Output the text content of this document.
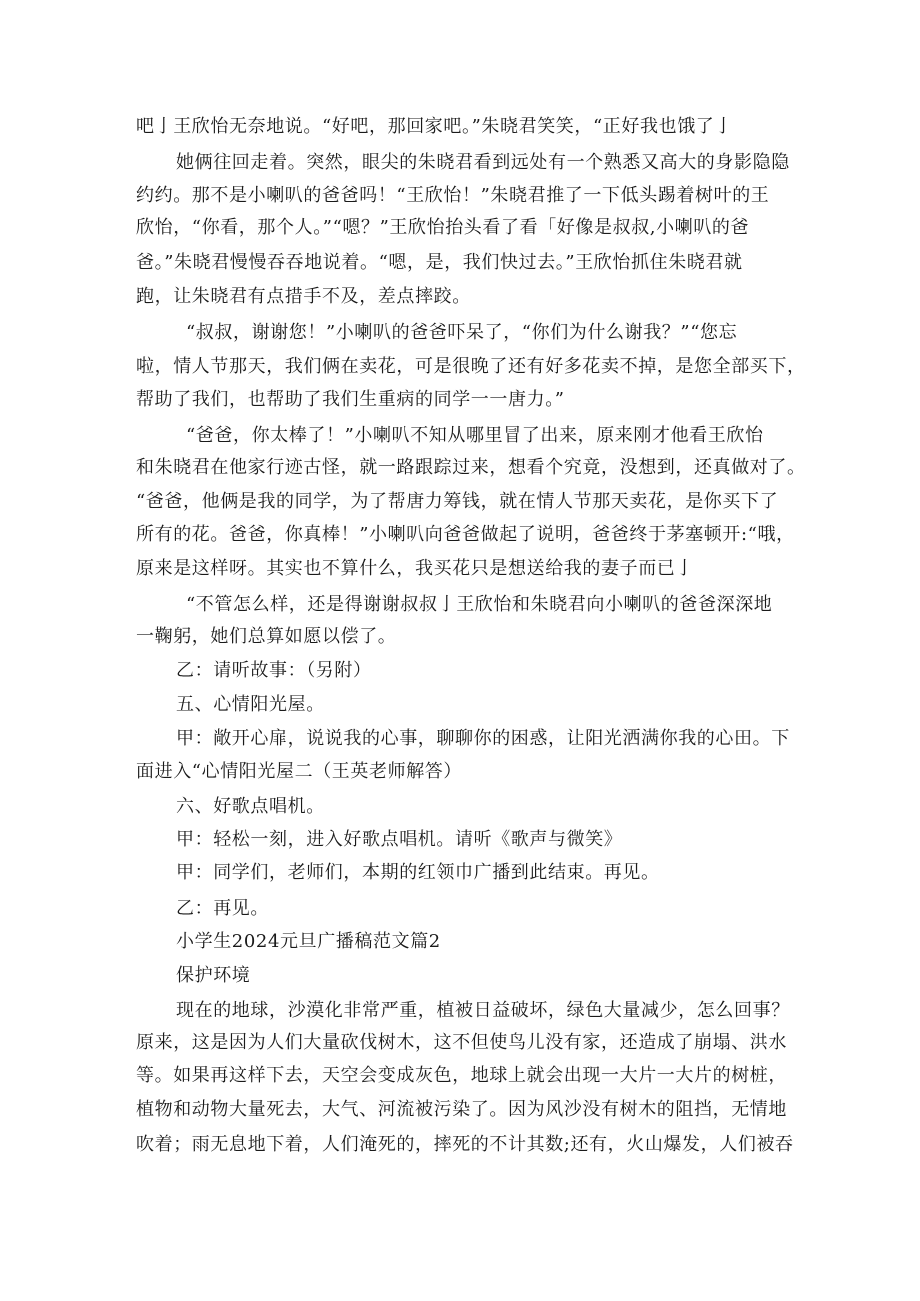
吧亅王欣怡无奈地说。“好吧，那回家吧。”朱晓君笑笑，“正好我也饿了亅
她俩往回走着。突然，眼尖的朱晓君看到远处有一个熟悉又高大的身影隐隐
约约。那不是小喇叭的爸爸吗！“王欣怡！”朱晓君推了一下低头踢着树叶的王
欣怡，“你看，那个人。”“嗯？”王欣怡抬头看了看「好像是叔叔,小喇叭的爸
爸。”朱晓君慢慢吞吞地说着。“嗯，是，我们快过去。”王欣怡抓住朱晓君就
跑，让朱晓君有点措手不及，差点摔跤。
“叔叔，谢谢您！”小喇叭的爸爸吓呆了，“你们为什么谢我？”“您忘
啦，情人节那天，我们俩在卖花，可是很晚了还有好多花卖不掉，是您全部买下，
帮助了我们，也帮助了我们生重病的同学一一唐力。”
“爸爸，你太棒了！”小喇叭不知从哪里冒了出来，原来刚才他看王欣怡
和朱晓君在他家行迹古怪，就一路跟踪过来，想看个究竟，没想到，还真做对了。
“爸爸，他俩是我的同学，为了帮唐力筹钱，就在情人节那天卖花，是你买下了
所有的花。爸爸，你真棒！”小喇叭向爸爸做起了说明，爸爸终于茅塞顿开:“哦，
原来是这样呀。其实也不算什么，我买花只是想送给我的妻子而已亅
“不管怎么样，还是得谢谢叔叔亅王欣怡和朱晓君向小喇叭的爸爸深深地
一鞠躬，她们总算如愿以偿了。
乙：请听故事：（另附）
五、心情阳光屋。
甲：敞开心扉，说说我的心事，聊聊你的困惑，让阳光洒满你我的心田。下
面进入“心情阳光屋二（王英老师解答）
六、好歌点唱机。
甲：轻松一刻，进入好歌点唱机。请听《歌声与微笑》
甲：同学们，老师们，本期的红领巾广播到此结束。再见。
乙：再见。
小学生2024元旦广播稿范文篇2
保护环境
现在的地球，沙漠化非常严重，植被日益破坏，绿色大量减少，怎么回事？
原来，这是因为人们大量砍伐树木，这不但使鸟儿没有家，还造成了崩塌、洪水
等。如果再这样下去，天空会变成灰色，地球上就会出现一大片一大片的树桩，
植物和动物大量死去，大气、河流被污染了。因为风沙没有树木的阻挡，无情地
吹着；雨无息地下着，人们淹死的，摔死的不计其数;还有，火山爆发，人们被吞
